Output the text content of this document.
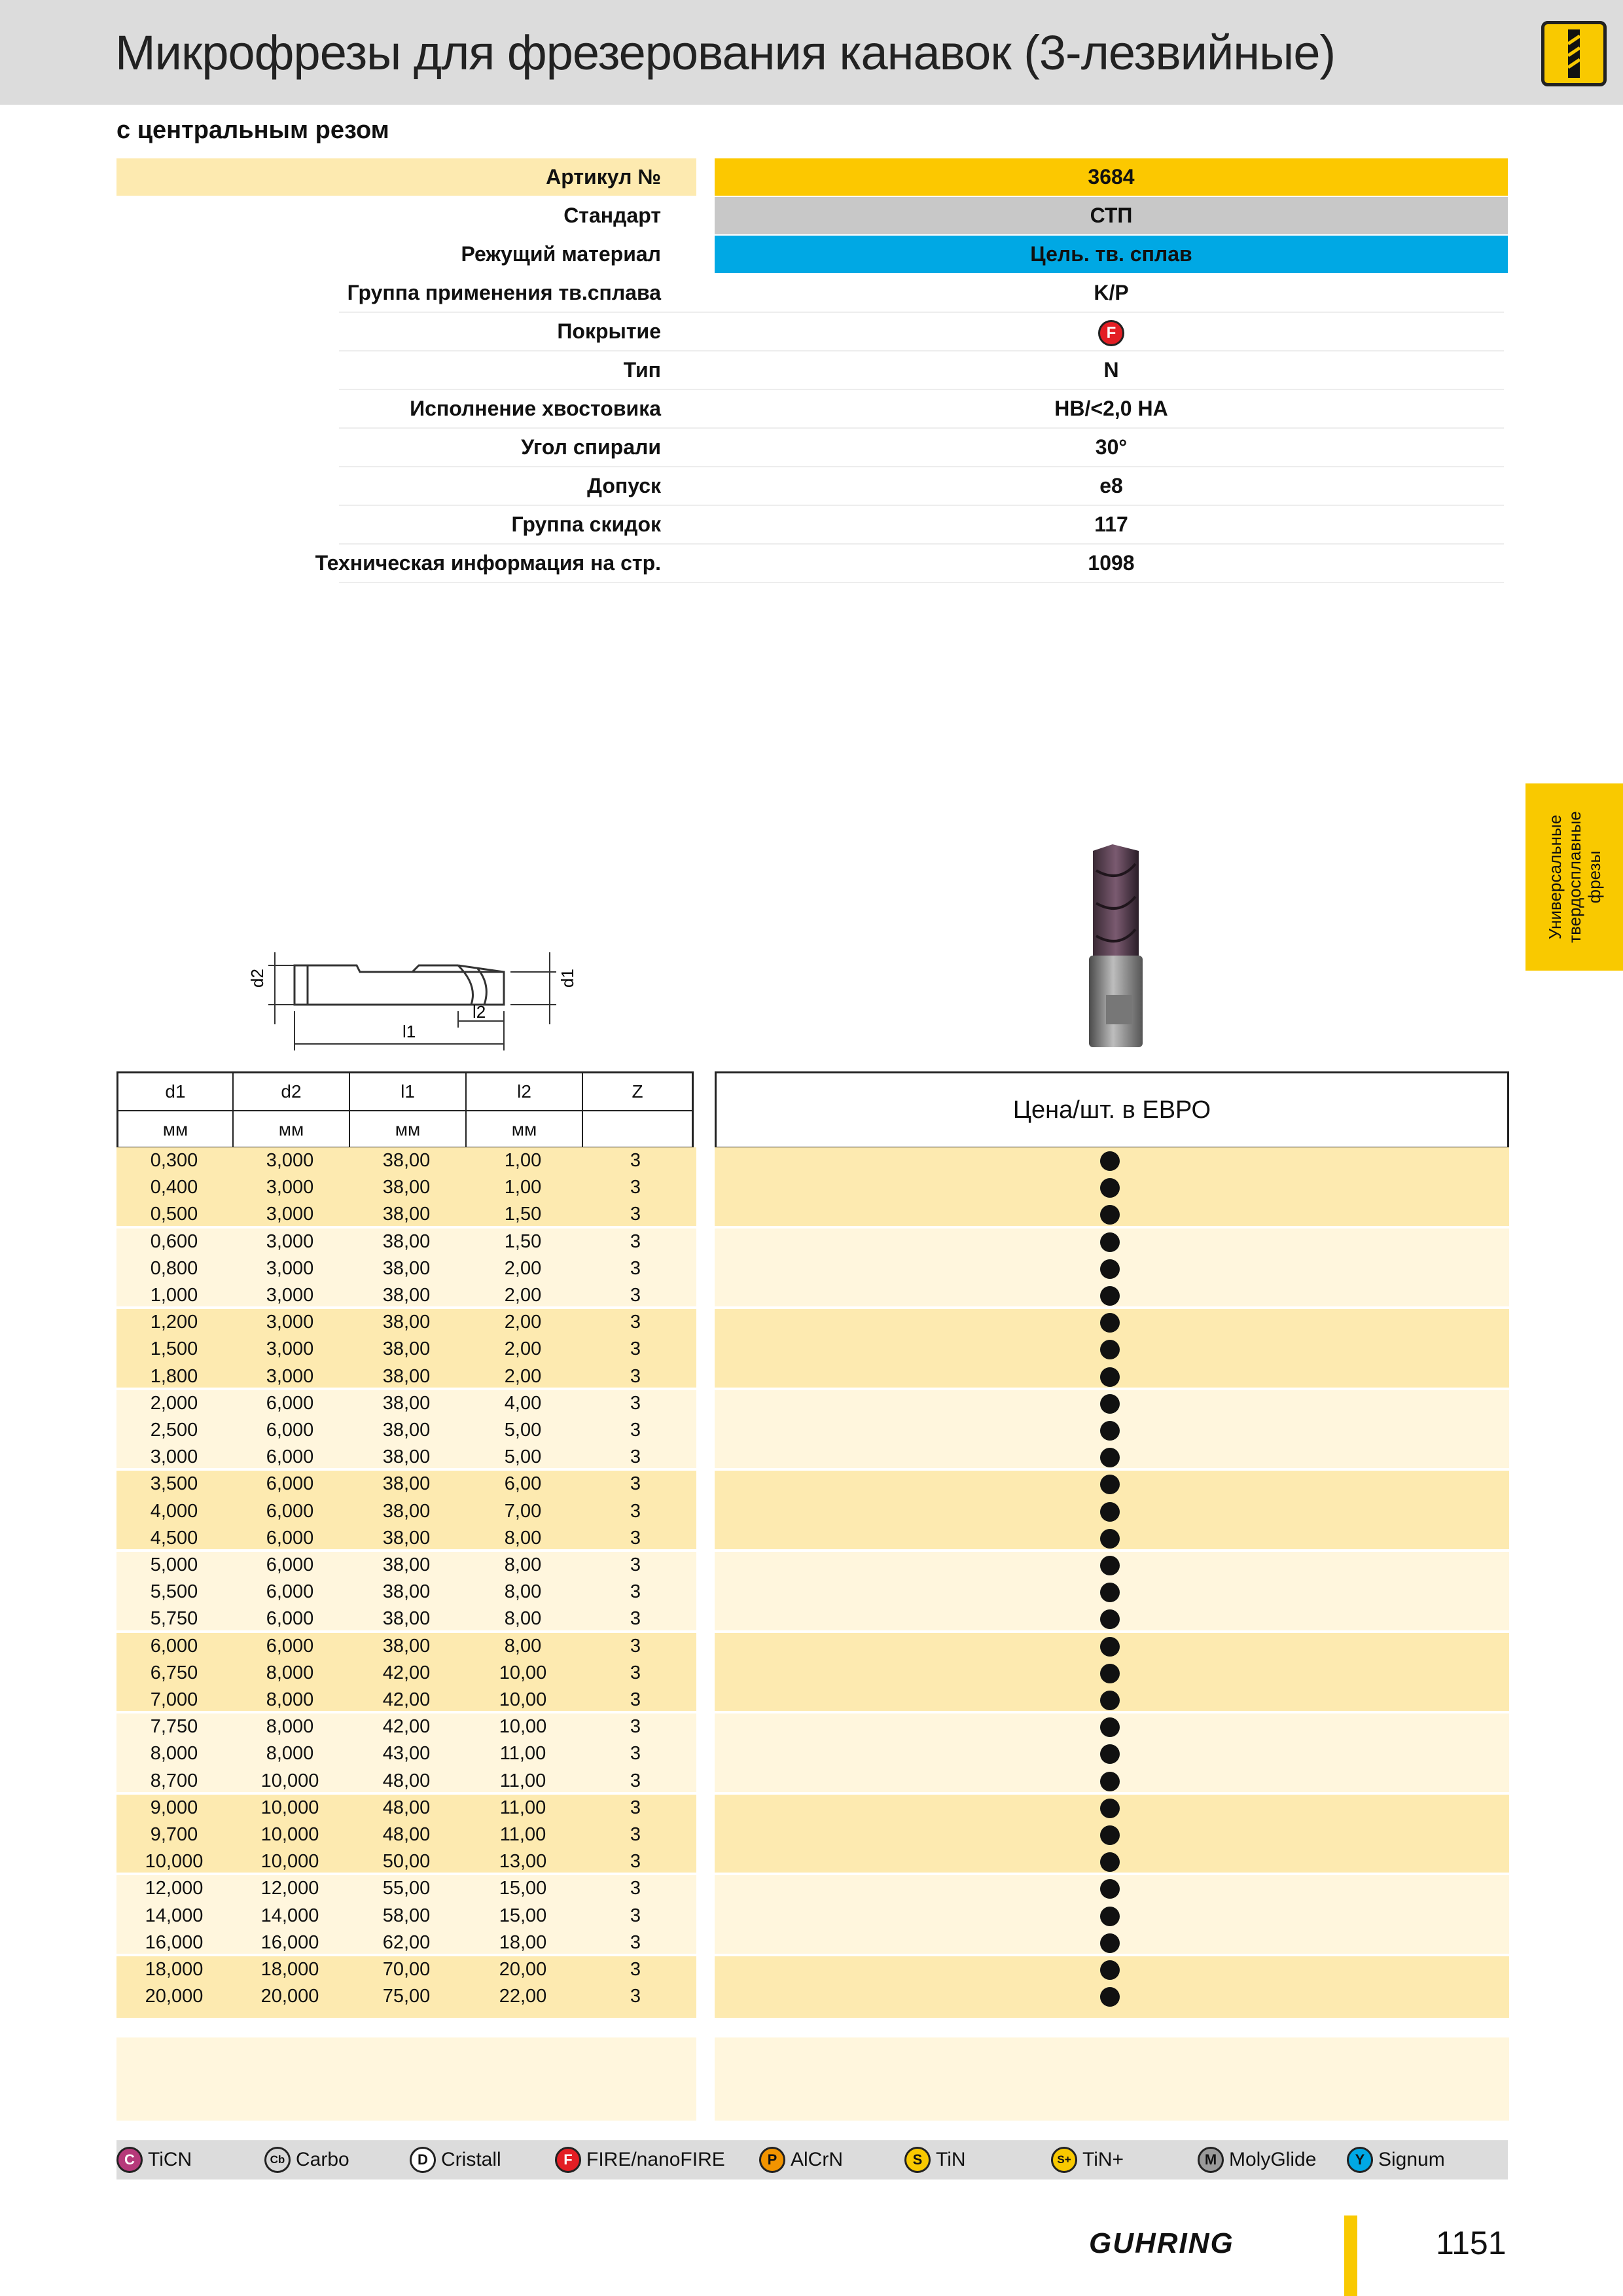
Микрофрезы для фрезерования канавок (3-лезвийные)
с центральным резом
Артикул №	3684
Стандарт	СТП
Режущий материал	Цель. тв. сплав
Группа применения тв.сплава	K/P
Покрытие	F
Тип	N
Исполнение хвостовика	HB/<2,0 HA
Угол спирали	30°
Допуск	e8
Группа скидок	117
Техническая информация на стр.	1098
Универсальные твердосплавные фрезы
d2	d1
l1
l2
d1	d2	l1	l2	Z
мм	мм	мм	мм
Цена/шт. в ЕВРО
0,300	3,000	38,00	1,00	3
0,400	3,000	38,00	1,00	3
0,500	3,000	38,00	1,50	3
0,600	3,000	38,00	1,50	3
0,800	3,000	38,00	2,00	3
1,000	3,000	38,00	2,00	3
1,200	3,000	38,00	2,00	3
1,500	3,000	38,00	2,00	3
1,800	3,000	38,00	2,00	3
2,000	6,000	38,00	4,00	3
2,500	6,000	38,00	5,00	3
3,000	6,000	38,00	5,00	3
3,500	6,000	38,00	6,00	3
4,000	6,000	38,00	7,00	3
4,500	6,000	38,00	8,00	3
5,000	6,000	38,00	8,00	3
5,500	6,000	38,00	8,00	3
5,750	6,000	38,00	8,00	3
6,000	6,000	38,00	8,00	3
6,750	8,000	42,00	10,00	3
7,000	8,000	42,00	10,00	3
7,750	8,000	42,00	10,00	3
8,000	8,000	43,00	11,00	3
8,700	10,000	48,00	11,00	3
9,000	10,000	48,00	11,00	3
9,700	10,000	48,00	11,00	3
10,000	10,000	50,00	13,00	3
12,000	12,000	55,00	15,00	3
14,000	14,000	58,00	15,00	3
16,000	16,000	62,00	18,00	3
18,000	18,000	70,00	20,00	3
20,000	20,000	75,00	22,00	3
C TiCN	Cb Carbo	D Cristall	F FIRE/nanoFIRE	P AlCrN	S TiN	S+ TiN+	M MolyGlide	Y Signum
GUHRING	1151
